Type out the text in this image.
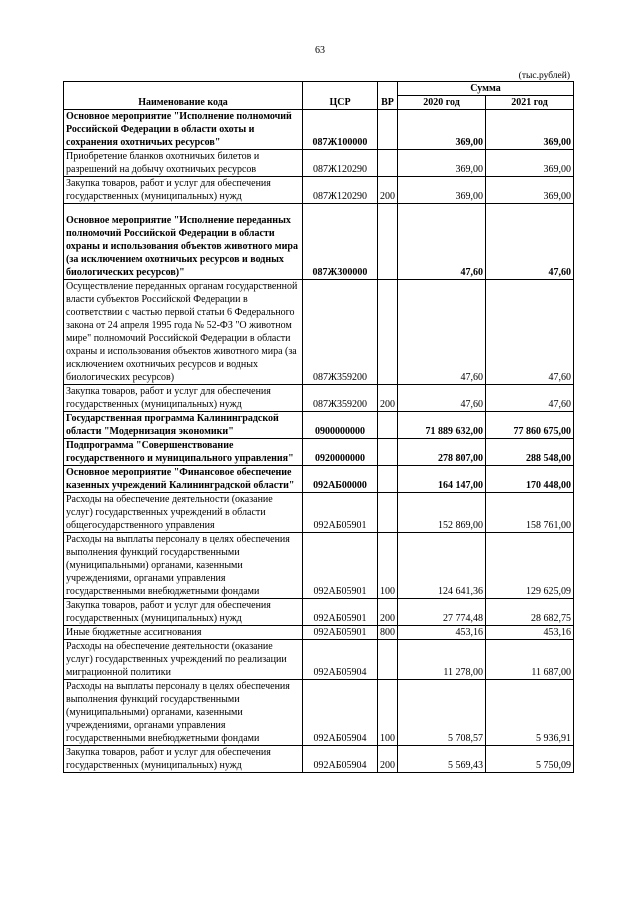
63
(тыс.рублей)
Наименование кода	ЦСР	ВР	Сумма	
			2020 год	2021 год
Основное мероприятие "Исполнение полномочий Российской Федерации в области охоты и сохранения охотничьих ресурсов"	087Ж100000		369,00	369,00
Приобретение бланков охотничьих билетов и разрешений на добычу охотничьих ресурсов	087Ж120290		369,00	369,00
Закупка товаров, работ и услуг для обеспечения государственных (муниципальных) нужд	087Ж120290	200	369,00	369,00
Основное мероприятие "Исполнение переданных полномочий Российской Федерации в области охраны и использования объектов животного мира (за исключением охотничьих ресурсов и водных биологических ресурсов)"	087Ж300000		47,60	47,60
Осуществление переданных органам государственной власти субъектов Российской Федерации в соответствии с частью первой статьи 6 Федерального закона от 24 апреля 1995 года № 52-ФЗ "О животном мире" полномочий Российской Федерации в области охраны и использования объектов животного мира (за исключением охотничьих ресурсов и водных биологических ресурсов)	087Ж359200		47,60	47,60
Закупка товаров, работ и услуг для обеспечения государственных (муниципальных) нужд	087Ж359200	200	47,60	47,60
Государственная программа Калининградской области "Модернизация экономики"	0900000000		71 889 632,00	77 860 675,00
Подпрограмма "Совершенствование государственного и муниципального управления"	0920000000		278 807,00	288 548,00
Основное мероприятие "Финансовое обеспечение казенных учреждений Калининградской области"	092АБ00000		164 147,00	170 448,00
Расходы на обеспечение деятельности (оказание услуг) государственных учреждений в области общегосударственного управления	092АБ05901		152 869,00	158 761,00
Расходы на выплаты персоналу в целях обеспечения выполнения функций государственными (муниципальными) органами, казенными учреждениями, органами управления государственными внебюджетными фондами	092АБ05901	100	124 641,36	129 625,09
Закупка товаров, работ и услуг для обеспечения государственных (муниципальных) нужд	092АБ05901	200	27 774,48	28 682,75
Иные бюджетные ассигнования	092АБ05901	800	453,16	453,16
Расходы на обеспечение деятельности (оказание услуг) государственных учреждений по реализации миграционной политики	092АБ05904		11 278,00	11 687,00
Расходы на выплаты персоналу в целях обеспечения выполнения функций государственными (муниципальными) органами, казенными учреждениями, органами управления государственными внебюджетными фондами	092АБ05904	100	5 708,57	5 936,91
Закупка товаров, работ и услуг для обеспечения государственных (муниципальных) нужд	092АБ05904	200	5 569,43	5 750,09
